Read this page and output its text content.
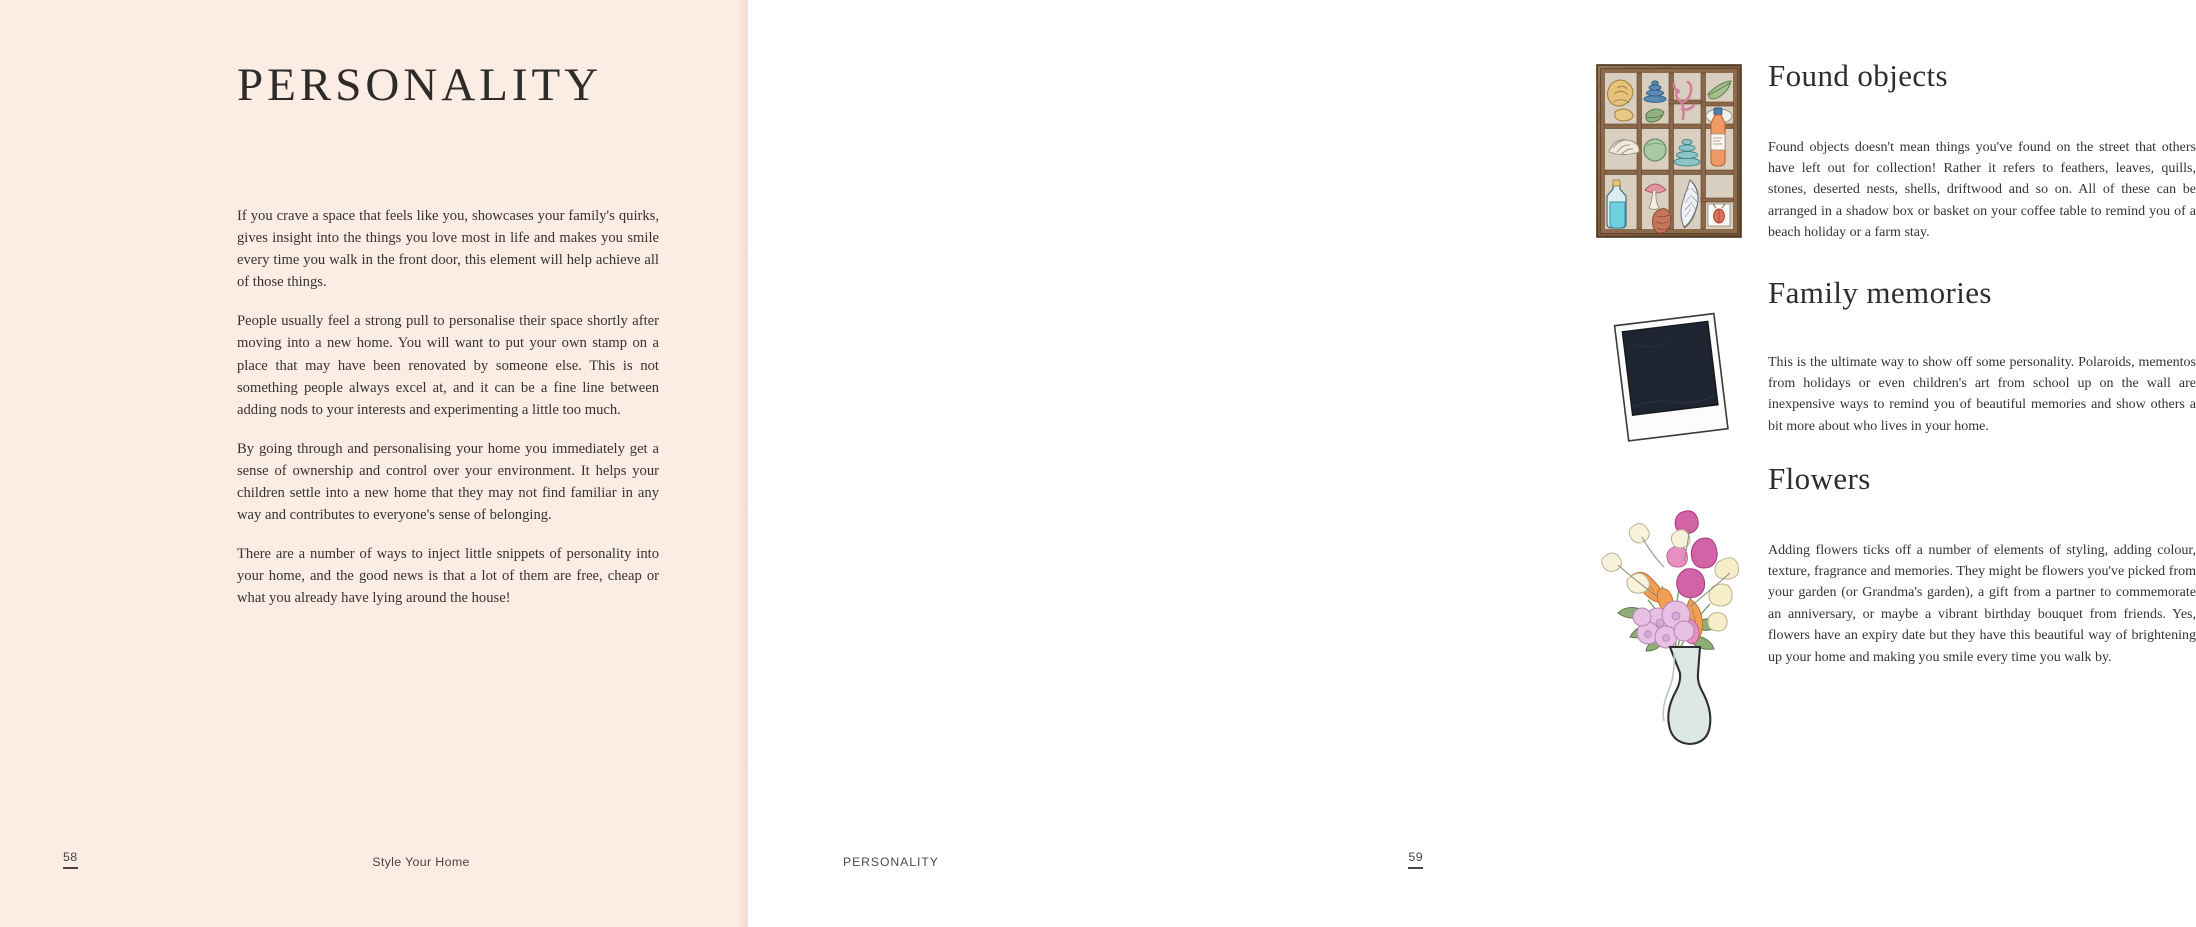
PERSONALITY

If you crave a space that feels like you, showcases your family's quirks, gives insight into the things you love most in life and makes you smile every time you walk in the front door, this element will help achieve all of those things.

People usually feel a strong pull to personalise their space shortly after moving into a new home. You will want to put your own stamp on a place that may have been renovated by someone else. This is not something people always excel at, and it can be a fine line between adding nods to your interests and experimenting a little too much.

By going through and personalising your home you immediately get a sense of ownership and control over your environment. It helps your children settle into a new home that they may not find familiar in any way and contributes to everyone's sense of belonging.

There are a number of ways to inject little snippets of personality into your home, and the good news is that a lot of them are free, cheap or what you already have lying around the house!

58	Style Your Home
Found objects

Found objects doesn't mean things you've found on the street that others have left out for collection! Rather it refers to feathers, leaves, quills, stones, deserted nests, shells, driftwood and so on. All of these can be arranged in a shadow box or basket on your coffee table to remind you of a beach holiday or a farm stay.

Family memories

This is the ultimate way to show off some personality. Polaroids, mementos from holidays or even children's art from school up on the wall are inexpensive ways to remind you of beautiful memories and show others a bit more about who lives in your home.

Flowers

Adding flowers ticks off a number of elements of styling, adding colour, texture, fragrance and memories. They might be flowers you've picked from your garden (or Grandma's garden), a gift from a partner to commemorate an anniversary, or maybe a vibrant birthday bouquet from friends. Yes, flowers have an expiry date but they have this beautiful way of brightening up your home and making you smile every time you walk by.

PERSONALITY	59
